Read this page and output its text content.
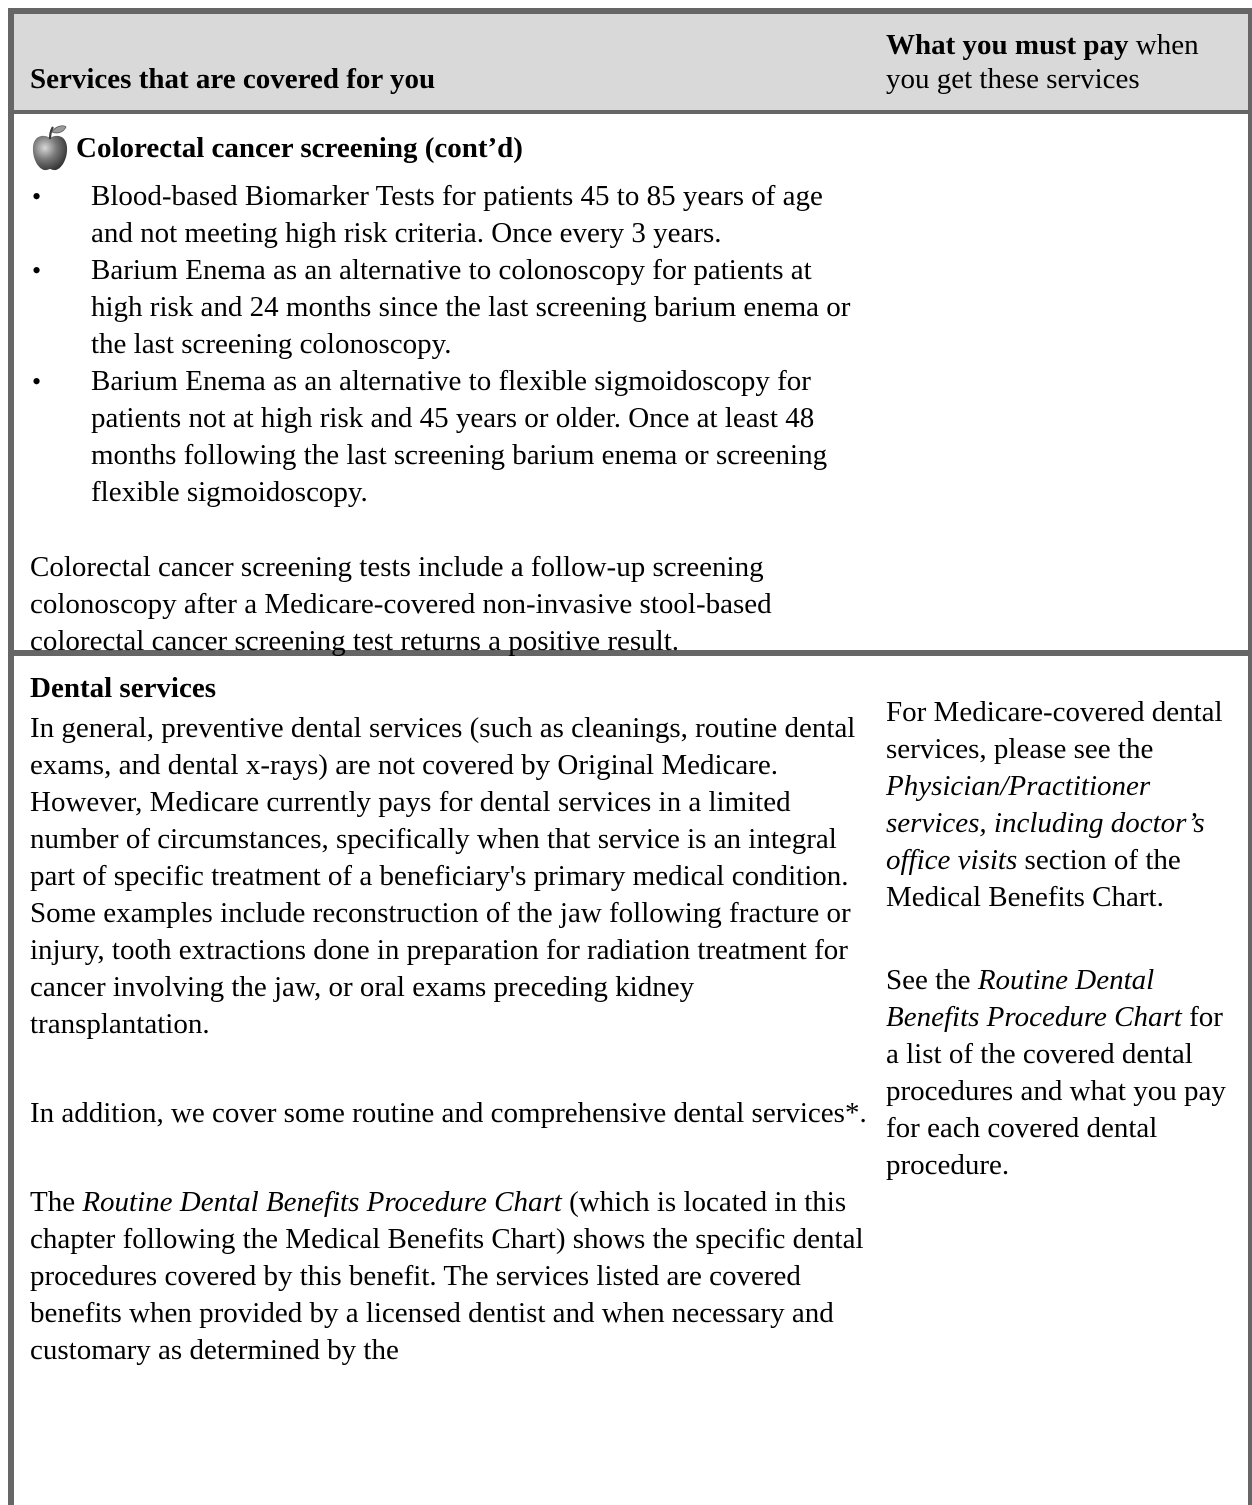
Services that are covered for you
What you must pay when you get these services
Colorectal cancer screening (cont’d)
• Blood-based Biomarker Tests for patients 45 to 85 years of age and not meeting high risk criteria. Once every 3 years.
• Barium Enema as an alternative to colonoscopy for patients at high risk and 24 months since the last screening barium enema or the last screening colonoscopy.
• Barium Enema as an alternative to flexible sigmoidoscopy for patients not at high risk and 45 years or older. Once at least 48 months following the last screening barium enema or screening flexible sigmoidoscopy.

Colorectal cancer screening tests include a follow-up screening colonoscopy after a Medicare-covered non-invasive stool-based colorectal cancer screening test returns a positive result.

Dental services

In general, preventive dental services (such as cleanings, routine dental exams, and dental x-rays) are not covered by Original Medicare. However, Medicare currently pays for dental services in a limited number of circumstances, specifically when that service is an integral part of specific treatment of a beneficiary's primary medical condition. Some examples include reconstruction of the jaw following fracture or injury, tooth extractions done in preparation for radiation treatment for cancer involving the jaw, or oral exams preceding kidney transplantation.

In addition, we cover some routine and comprehensive dental services*.

The Routine Dental Benefits Procedure Chart (which is located in this chapter following the Medical Benefits Chart) shows the specific dental procedures covered by this benefit. The services listed are covered benefits when provided by a licensed dentist and when necessary and customary as determined by the

For Medicare-covered dental services, please see the Physician/Practitioner services, including doctor’s office visits section of the Medical Benefits Chart.

See the Routine Dental Benefits Procedure Chart for a list of the covered dental procedures and what you pay for each covered dental procedure.
